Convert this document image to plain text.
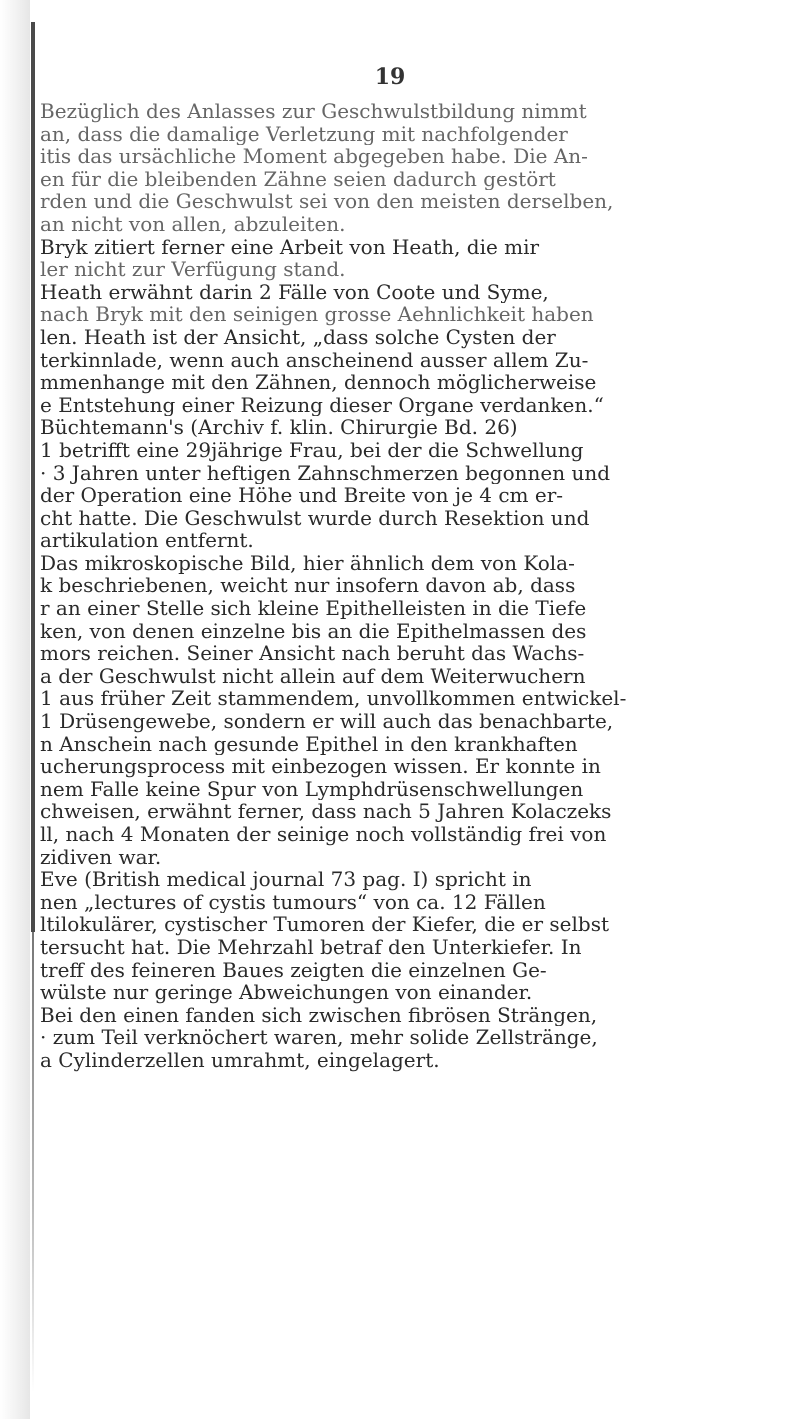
19
Bezüglich des Anlasses zur Geschwulstbildung nimmt
an, dass die damalige Verletzung mit nachfolgender
itis das ursächliche Moment abgegeben habe. Die An-
en für die bleibenden Zähne seien dadurch gestört
rden und die Geschwulst sei von den meisten derselben,
an nicht von allen, abzuleiten.
Bryk zitiert ferner eine Arbeit von Heath, die mir
ler nicht zur Verfügung stand.
Heath erwähnt darin 2 Fälle von Coote und Syme,
nach Bryk mit den seinigen grosse Aehnlichkeit haben
len. Heath ist der Ansicht, „dass solche Cysten der
terkinnlade, wenn auch anscheinend ausser allem Zu-
mmenhange mit den Zähnen, dennoch möglicherweise
e Entstehung einer Reizung dieser Organe verdanken.“
Büchtemann's (Archiv f. klin. Chirurgie Bd. 26)
1 betrifft eine 29jährige Frau, bei der die Schwellung
· 3 Jahren unter heftigen Zahnschmerzen begonnen und
der Operation eine Höhe und Breite von je 4 cm er-
cht hatte. Die Geschwulst wurde durch Resektion und
artikulation entfernt.
Das mikroskopische Bild, hier ähnlich dem von Kola-
k beschriebenen, weicht nur insofern davon ab, dass
r an einer Stelle sich kleine Epithelleisten in die Tiefe
ken, von denen einzelne bis an die Epithelmassen des
mors reichen. Seiner Ansicht nach beruht das Wachs-
a der Geschwulst nicht allein auf dem Weiterwuchern
1 aus früher Zeit stammendem, unvollkommen entwickel-
1 Drüsengewebe, sondern er will auch das benachbarte,
n Anschein nach gesunde Epithel in den krankhaften
ucherungsprocess mit einbezogen wissen. Er konnte in
nem Falle keine Spur von Lymphdrüsenschwellungen
chweisen, erwähnt ferner, dass nach 5 Jahren Kolaczeks
ll, nach 4 Monaten der seinige noch vollständig frei von
zidiven war.
Eve (British medical journal 73 pag. I) spricht in
nen „lectures of cystis tumours“ von ca. 12 Fällen
ltilokulärer, cystischer Tumoren der Kiefer, die er selbst
tersucht hat. Die Mehrzahl betraf den Unterkiefer. In
treff des feineren Baues zeigten die einzelnen Ge-
wülste nur geringe Abweichungen von einander.
Bei den einen fanden sich zwischen fibrösen Strängen,
· zum Teil verknöchert waren, mehr solide Zellstränge,
a Cylinderzellen umrahmt, eingelagert.
